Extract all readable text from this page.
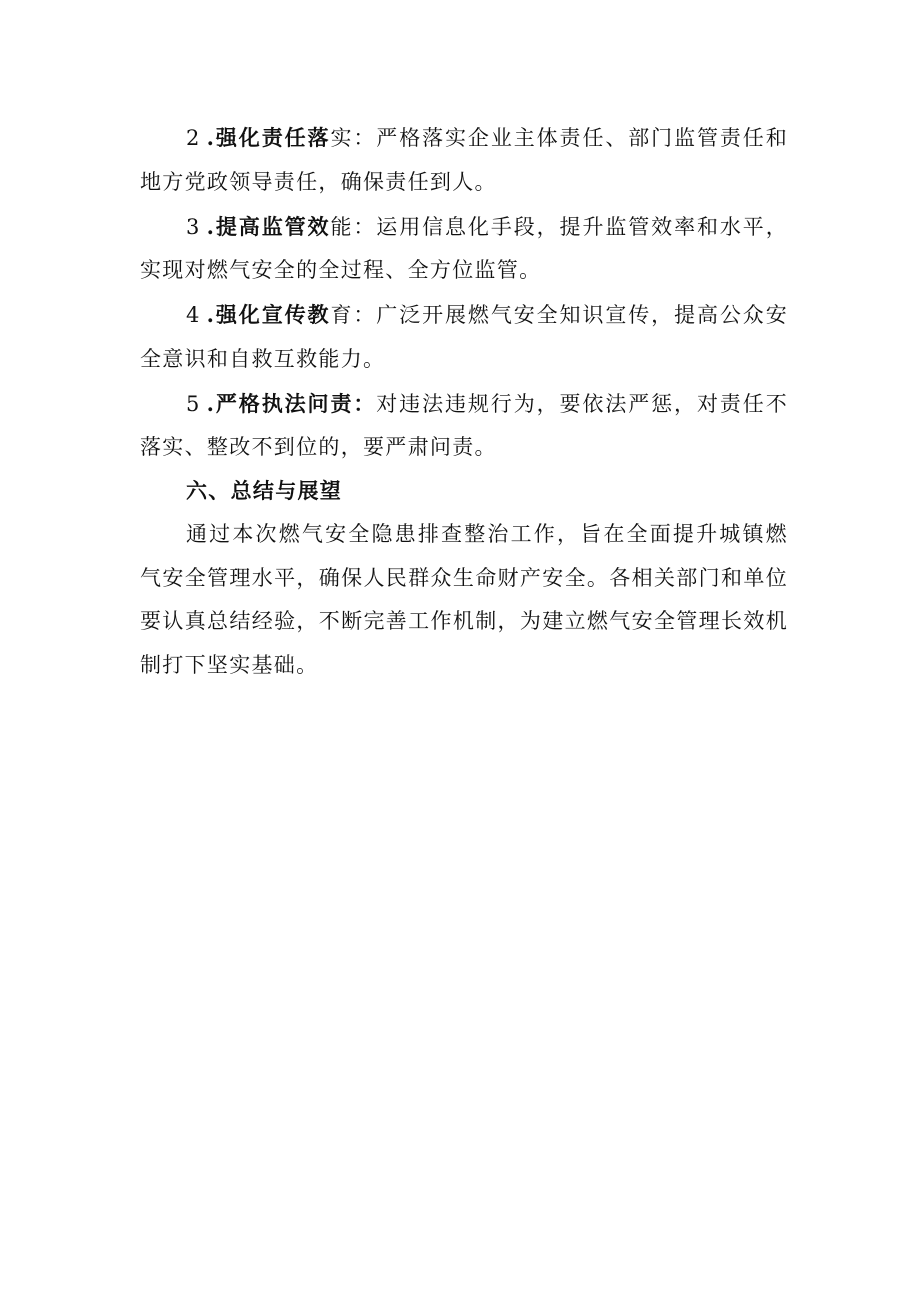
2 .强化责任落实：严格落实企业主体责任、部门监管责任和地方党政领导责任，确保责任到人。

3 .提高监管效能：运用信息化手段，提升监管效率和水平，实现对燃气安全的全过程、全方位监管。

4 .强化宣传教育：广泛开展燃气安全知识宣传，提高公众安全意识和自救互救能力。

5 .严格执法问责：对违法违规行为，要依法严惩，对责任不落实、整改不到位的，要严肃问责。

六、总结与展望

通过本次燃气安全隐患排查整治工作，旨在全面提升城镇燃气安全管理水平，确保人民群众生命财产安全。各相关部门和单位要认真总结经验，不断完善工作机制，为建立燃气安全管理长效机制打下坚实基础。
